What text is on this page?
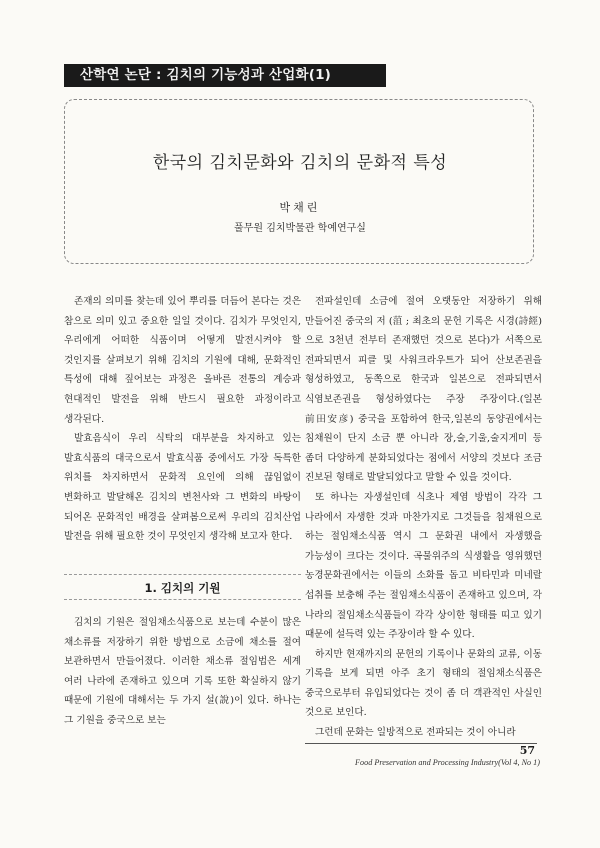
산학연 논단 : 김치의 기능성과 산업화(1)
한국의 김치문화와 김치의 문화적 특성
박채린
풀무원 김치박물관 학예연구실

존재의 의미를 찾는데 있어 뿌리를 더듬어 본다는 것은 참으로 의미 있고 중요한 일일 것이다. 김치가 무엇인지, 우리에게 어떠한 식품이며 어떻게 발전시켜야 할 것인지를 살펴보기 위해 김치의 기원에 대해, 문화적인 특성에 대해 짚어보는 과정은 올바른 전통의 계승과 현대적인 발전을 위해 반드시 필요한 과정이라고 생각된다.

발효음식이 우리 식탁의 대부분을 차지하고 있는 발효식품의 대국으로서 발효식품 중에서도 가장 독특한 위치를 차지하면서 문화적 요인에 의해 끊임없이 변화하고 발달해온 김치의 변천사와 그 변화의 바탕이 되어온 문화적인 배경을 살펴봄으로써 우리의 김치산업 발전을 위해 필요한 것이 무엇인지 생각해 보고자 한다.

1. 김치의 기원

김치의 기원은 절임채소식품으로 보는데 수분이 많은 채소류를 저장하기 위한 방법으로 소금에 채소를 절여 보관하면서 만들어졌다. 이러한 채소류 절임법은 세계 여러 나라에 존재하고 있으며 기록 또한 확실하지 않기 때문에 기원에 대해서는 두 가지 설(說)이 있다. 하나는 그 기원을 중국으로 보는

전파설인데 소금에 절여 오랫동안 저장하기 위해 만들어진 중국의 저 (菹 ; 최초의 문헌 기록은 시경(詩經)으로 3천년 전부터 존재했던 것으로 본다)가 서쪽으로 전파되면서 피클 및 사워크라우트가 되어 산보존권을 형성하였고, 동쪽으로 한국과 일본으로 전파되면서 식염보존권을 형성하였다는 주장 주장이다.(일본 前田安彦) 중국을 포함하여 한국,일본의 동양권에서는 침채원이 단지 소금 뿐 아니라 장,술,기울,술지게미 등 좀더 다양하게 분화되었다는 점에서 서양의 것보다 조금 진보된 형태로 발달되었다고 말할 수 있을 것이다.

또 하나는 자생설인데 식초나 제염 방법이 각각 그 나라에서 자생한 것과 마찬가지로 그것들을 침채원으로 하는 절임채소식품 역시 그 문화권 내에서 자생했을 가능성이 크다는 것이다. 곡물위주의 식생활을 영위했던 농경문화권에서는 이들의 소화를 돕고 비타민과 미네랄 섭취를 보충해 주는 절임채소식품이 존재하고 있으며, 각 나라의 절임채소식품들이 각각 상이한 형태를 띠고 있기 때문에 설득력 있는 주장이라 할 수 있다.

하지만 현재까지의 문헌의 기록이나 문화의 교류, 이동 기록을 보게 되면 아주 초기 형태의 절임채소식품은 중국으로부터 유입되었다는 것이 좀 더 객관적인 사실인 것으로 보인다.

그런데 문화는 일방적으로 전파되는 것이 아니라

57
Food Preservation and Processing Industry(Vol 4, No 1)
